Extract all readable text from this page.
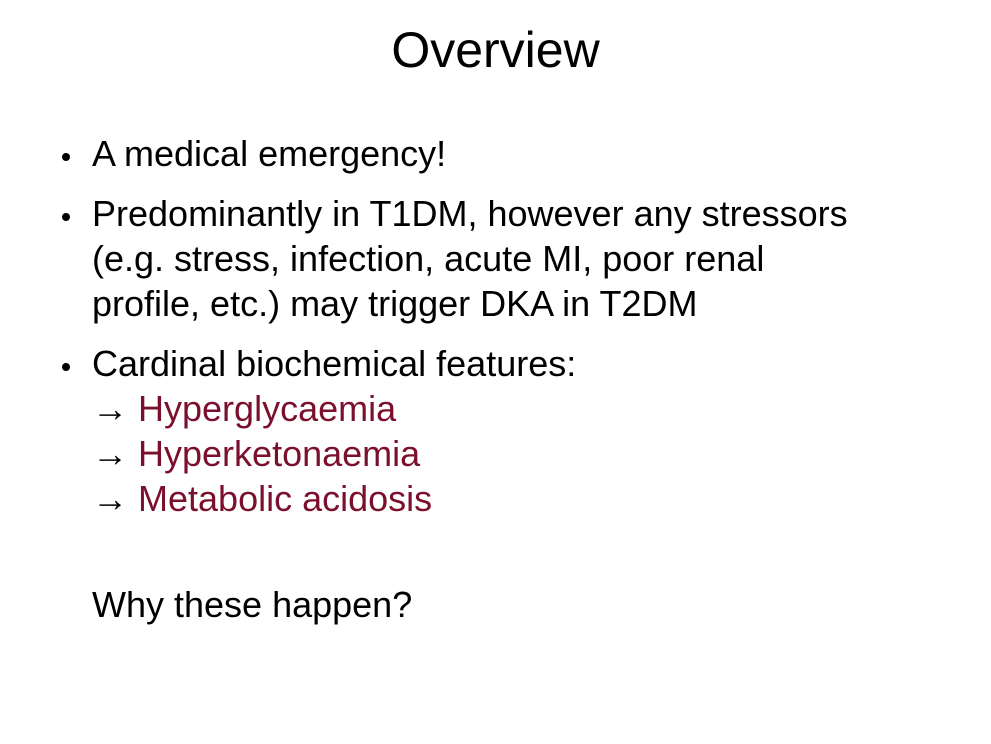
Overview
A medical emergency!
Predominantly in T1DM, however any stressors
(e.g. stress, infection, acute MI, poor renal
profile, etc.) may trigger DKA in T2DM
Cardinal biochemical features:
→ Hyperglycaemia
→ Hyperketonaemia
→ Metabolic acidosis
Why these happen?
